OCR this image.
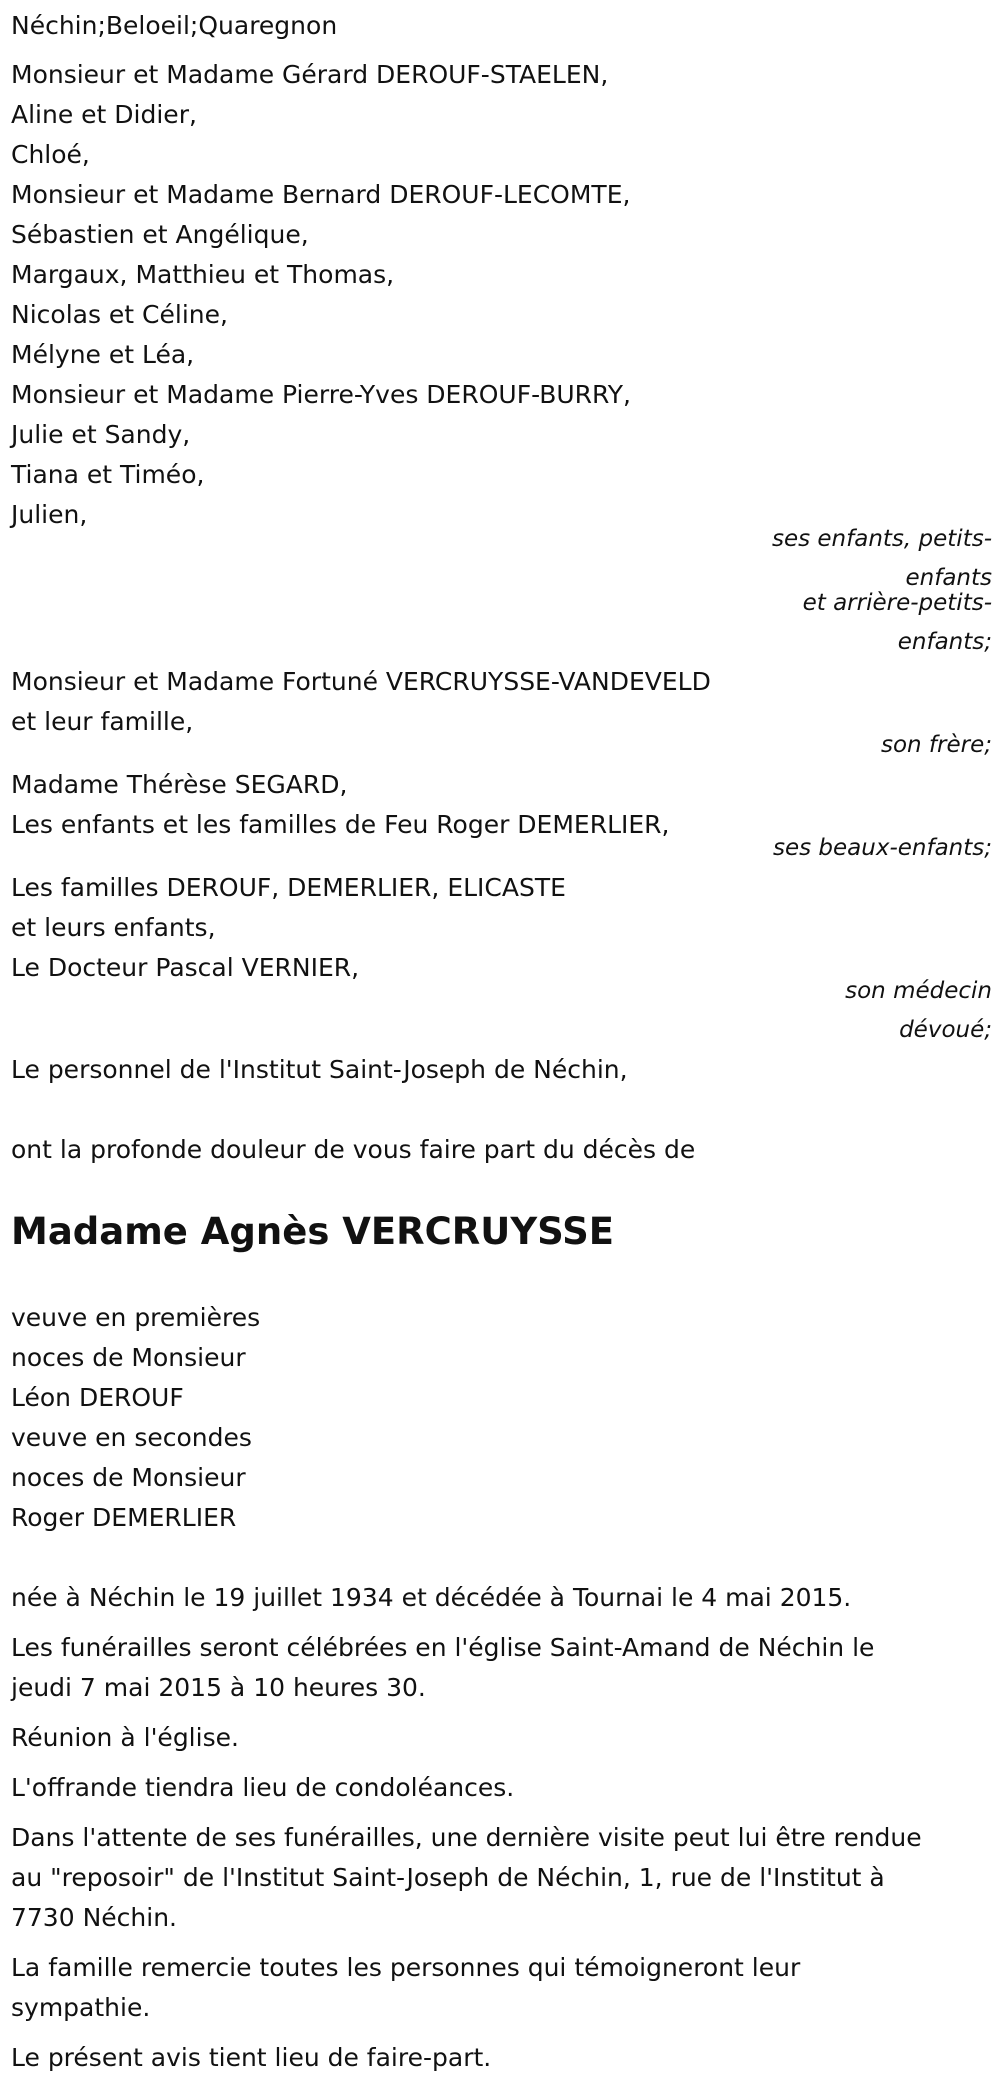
Néchin;Beloeil;Quaregnon
Monsieur et Madame Gérard DEROUF-STAELEN,
Aline et Didier,
Chloé,
Monsieur et Madame Bernard DEROUF-LECOMTE,
Sébastien et Angélique,
Margaux, Matthieu et Thomas,
Nicolas et Céline,
Mélyne et Léa,
Monsieur et Madame Pierre-Yves DEROUF-BURRY,
Julie et Sandy,
Tiana et Timéo,
Julien,
ses enfants, petits-
enfants
et arrière-petits-
enfants;
Monsieur et Madame Fortuné VERCRUYSSE-VANDEVELD
et leur famille,
son frère;
Madame Thérèse SEGARD,
Les enfants et les familles de Feu Roger DEMERLIER,
ses beaux-enfants;
Les familles DEROUF, DEMERLIER, ELICASTE
et leurs enfants,
Le Docteur Pascal VERNIER,
son médecin
dévoué;
Le personnel de l'Institut Saint-Joseph de Néchin,
ont la profonde douleur de vous faire part du décès de
Madame Agnès VERCRUYSSE
veuve en premières
noces de Monsieur
Léon DEROUF
veuve en secondes
noces de Monsieur
Roger DEMERLIER
née à Néchin le 19 juillet 1934 et décédée à Tournai le 4 mai 2015.
Les funérailles seront célébrées en l'église Saint-Amand de Néchin le
jeudi 7 mai 2015 à 10 heures 30.
Réunion à l'église.
L'offrande tiendra lieu de condoléances.
Dans l'attente de ses funérailles, une dernière visite peut lui être rendue
au "reposoir" de l'Institut Saint-Joseph de Néchin, 1, rue de l'Institut à
7730 Néchin.
La famille remercie toutes les personnes qui témoigneront leur
sympathie.
Le présent avis tient lieu de faire-part.
